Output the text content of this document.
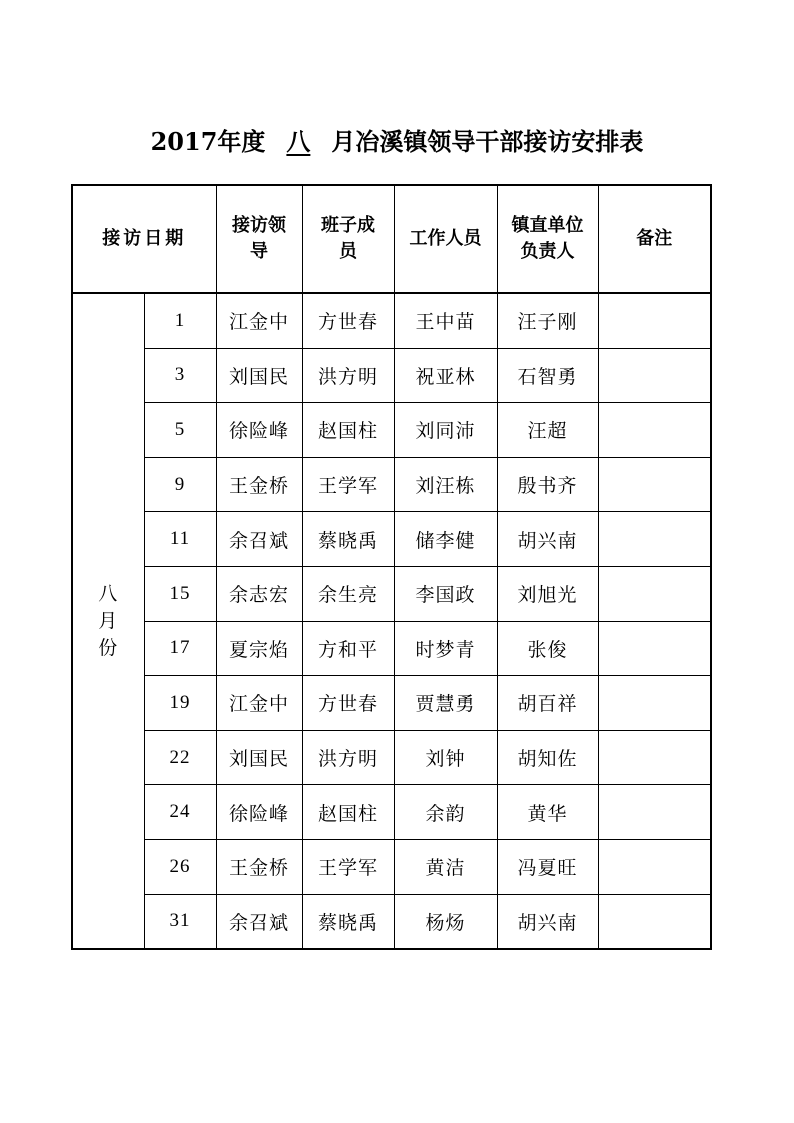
2017年度 八 月冶溪镇领导干部接访安排表
接访日期		接访领导	班子成员	工作人员	镇直单位负责人	备注
八月份	1	江金中	方世春	王中苗	汪子刚	
	3	刘国民	洪方明	祝亚林	石智勇	
	5	徐险峰	赵国柱	刘同沛	汪超	
	9	王金桥	王学军	刘汪栋	殷书齐	
	11	余召斌	蔡晓禹	储李健	胡兴南	
	15	余志宏	余生亮	李国政	刘旭光	
	17	夏宗焰	方和平	时梦青	张俊	
	19	江金中	方世春	贾慧勇	胡百祥	
	22	刘国民	洪方明	刘钟	胡知佐	
	24	徐险峰	赵国柱	余韵	黄华	
	26	王金桥	王学军	黄洁	冯夏旺	
	31	余召斌	蔡晓禹	杨炀	胡兴南	
